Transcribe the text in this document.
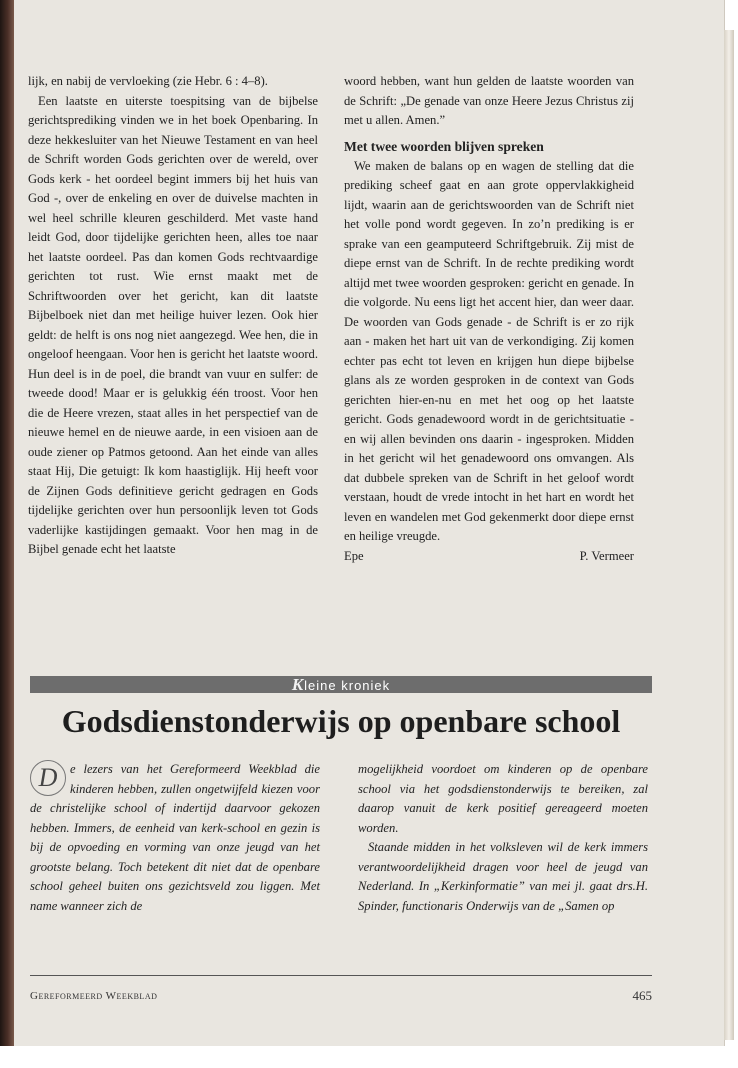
lijk, en nabij de vervloeking (zie Hebr. 6 : 4–8).

Een laatste en uiterste toespitsing van de bijbelse gerichtsprediking vinden we in het boek Openbaring. In deze hekkesluiter van het Nieuwe Testament en van heel de Schrift worden Gods gerichten over de wereld, over Gods kerk - het oordeel begint immers bij het huis van God -, over de enkeling en over de duivelse machten in wel heel schrille kleuren geschilderd. Met vaste hand leidt God, door tijdelijke gerichten heen, alles toe naar het laatste oordeel. Pas dan komen Gods rechtvaardige gerichten tot rust. Wie ernst maakt met de Schriftwoorden over het gericht, kan dit laatste Bijbelboek niet dan met heilige huiver lezen. Ook hier geldt: de helft is ons nog niet aangezegd. Wee hen, die in ongeloof heengaan. Voor hen is gericht het laatste woord. Hun deel is in de poel, die brandt van vuur en sulfer: de tweede dood! Maar er is gelukkig één troost. Voor hen die de Heere vrezen, staat alles in het perspectief van de nieuwe hemel en de nieuwe aarde, in een visioen aan de oude ziener op Patmos getoond. Aan het einde van alles staat Hij, Die getuigt: Ik kom haastiglijk. Hij heeft voor de Zijnen Gods definitieve gericht gedragen en Gods tijdelijke gerichten over hun persoonlijk leven tot Gods vaderlijke kastijdingen gemaakt. Voor hen mag in de Bijbel genade echt het laatste

woord hebben, want hun gelden de laatste woorden van de Schrift: „De genade van onze Heere Jezus Christus zij met u allen. Amen.”

Met twee woorden blijven spreken

We maken de balans op en wagen de stelling dat die prediking scheef gaat en aan grote oppervlakkigheid lijdt, waarin aan de gerichtswoorden van de Schrift niet het volle pond wordt gegeven. In zo’n prediking is er sprake van een geamputeerd Schriftgebruik. Zij mist de diepe ernst van de Schrift. In de rechte prediking wordt altijd met twee woorden gesproken: gericht en genade. In die volgorde. Nu eens ligt het accent hier, dan weer daar. De woorden van Gods genade - de Schrift is er zo rijk aan - maken het hart uit van de verkondiging. Zij komen echter pas echt tot leven en krijgen hun diepe bijbelse glans als ze worden gesproken in de context van Gods gerichten hier-en-nu en met het oog op het laatste gericht. Gods genadewoord wordt in de gerichtsituatie - en wij allen bevinden ons daarin - ingesproken. Midden in het gericht wil het genadewoord ons omvangen. Als dat dubbele spreken van de Schrift in het geloof wordt verstaan, houdt de vrede intocht in het hart en wordt het leven en wandelen met God gekenmerkt door diepe ernst en heilige vreugde.

Epe	P. Vermeer
Kleine kroniek
Godsdienstonderwijs op openbare school

D	e lezers van het Gereformeerd Weekblad die kinderen hebben, zullen ongetwijfeld kiezen voor de christelijke school of indertijd daarvoor gekozen hebben. Immers, de eenheid van kerk-school en gezin is bij de opvoeding en vorming van onze jeugd van het grootste belang. Toch betekent dit niet dat de openbare school geheel buiten ons gezichtsveld zou liggen. Met name wanneer zich de

mogelijkheid voordoet om kinderen op de openbare school via het godsdienstonderwijs te bereiken, zal daarop vanuit de kerk positief gereageerd moeten worden.

Staande midden in het volksleven wil de kerk immers verantwoordelijkheid dragen voor heel de jeugd van Nederland. In „Kerkinformatie” van mei jl. gaat drs.H. Spinder, functionaris Onderwijs van de „Samen op

Gereformeerd Weekblad	465
